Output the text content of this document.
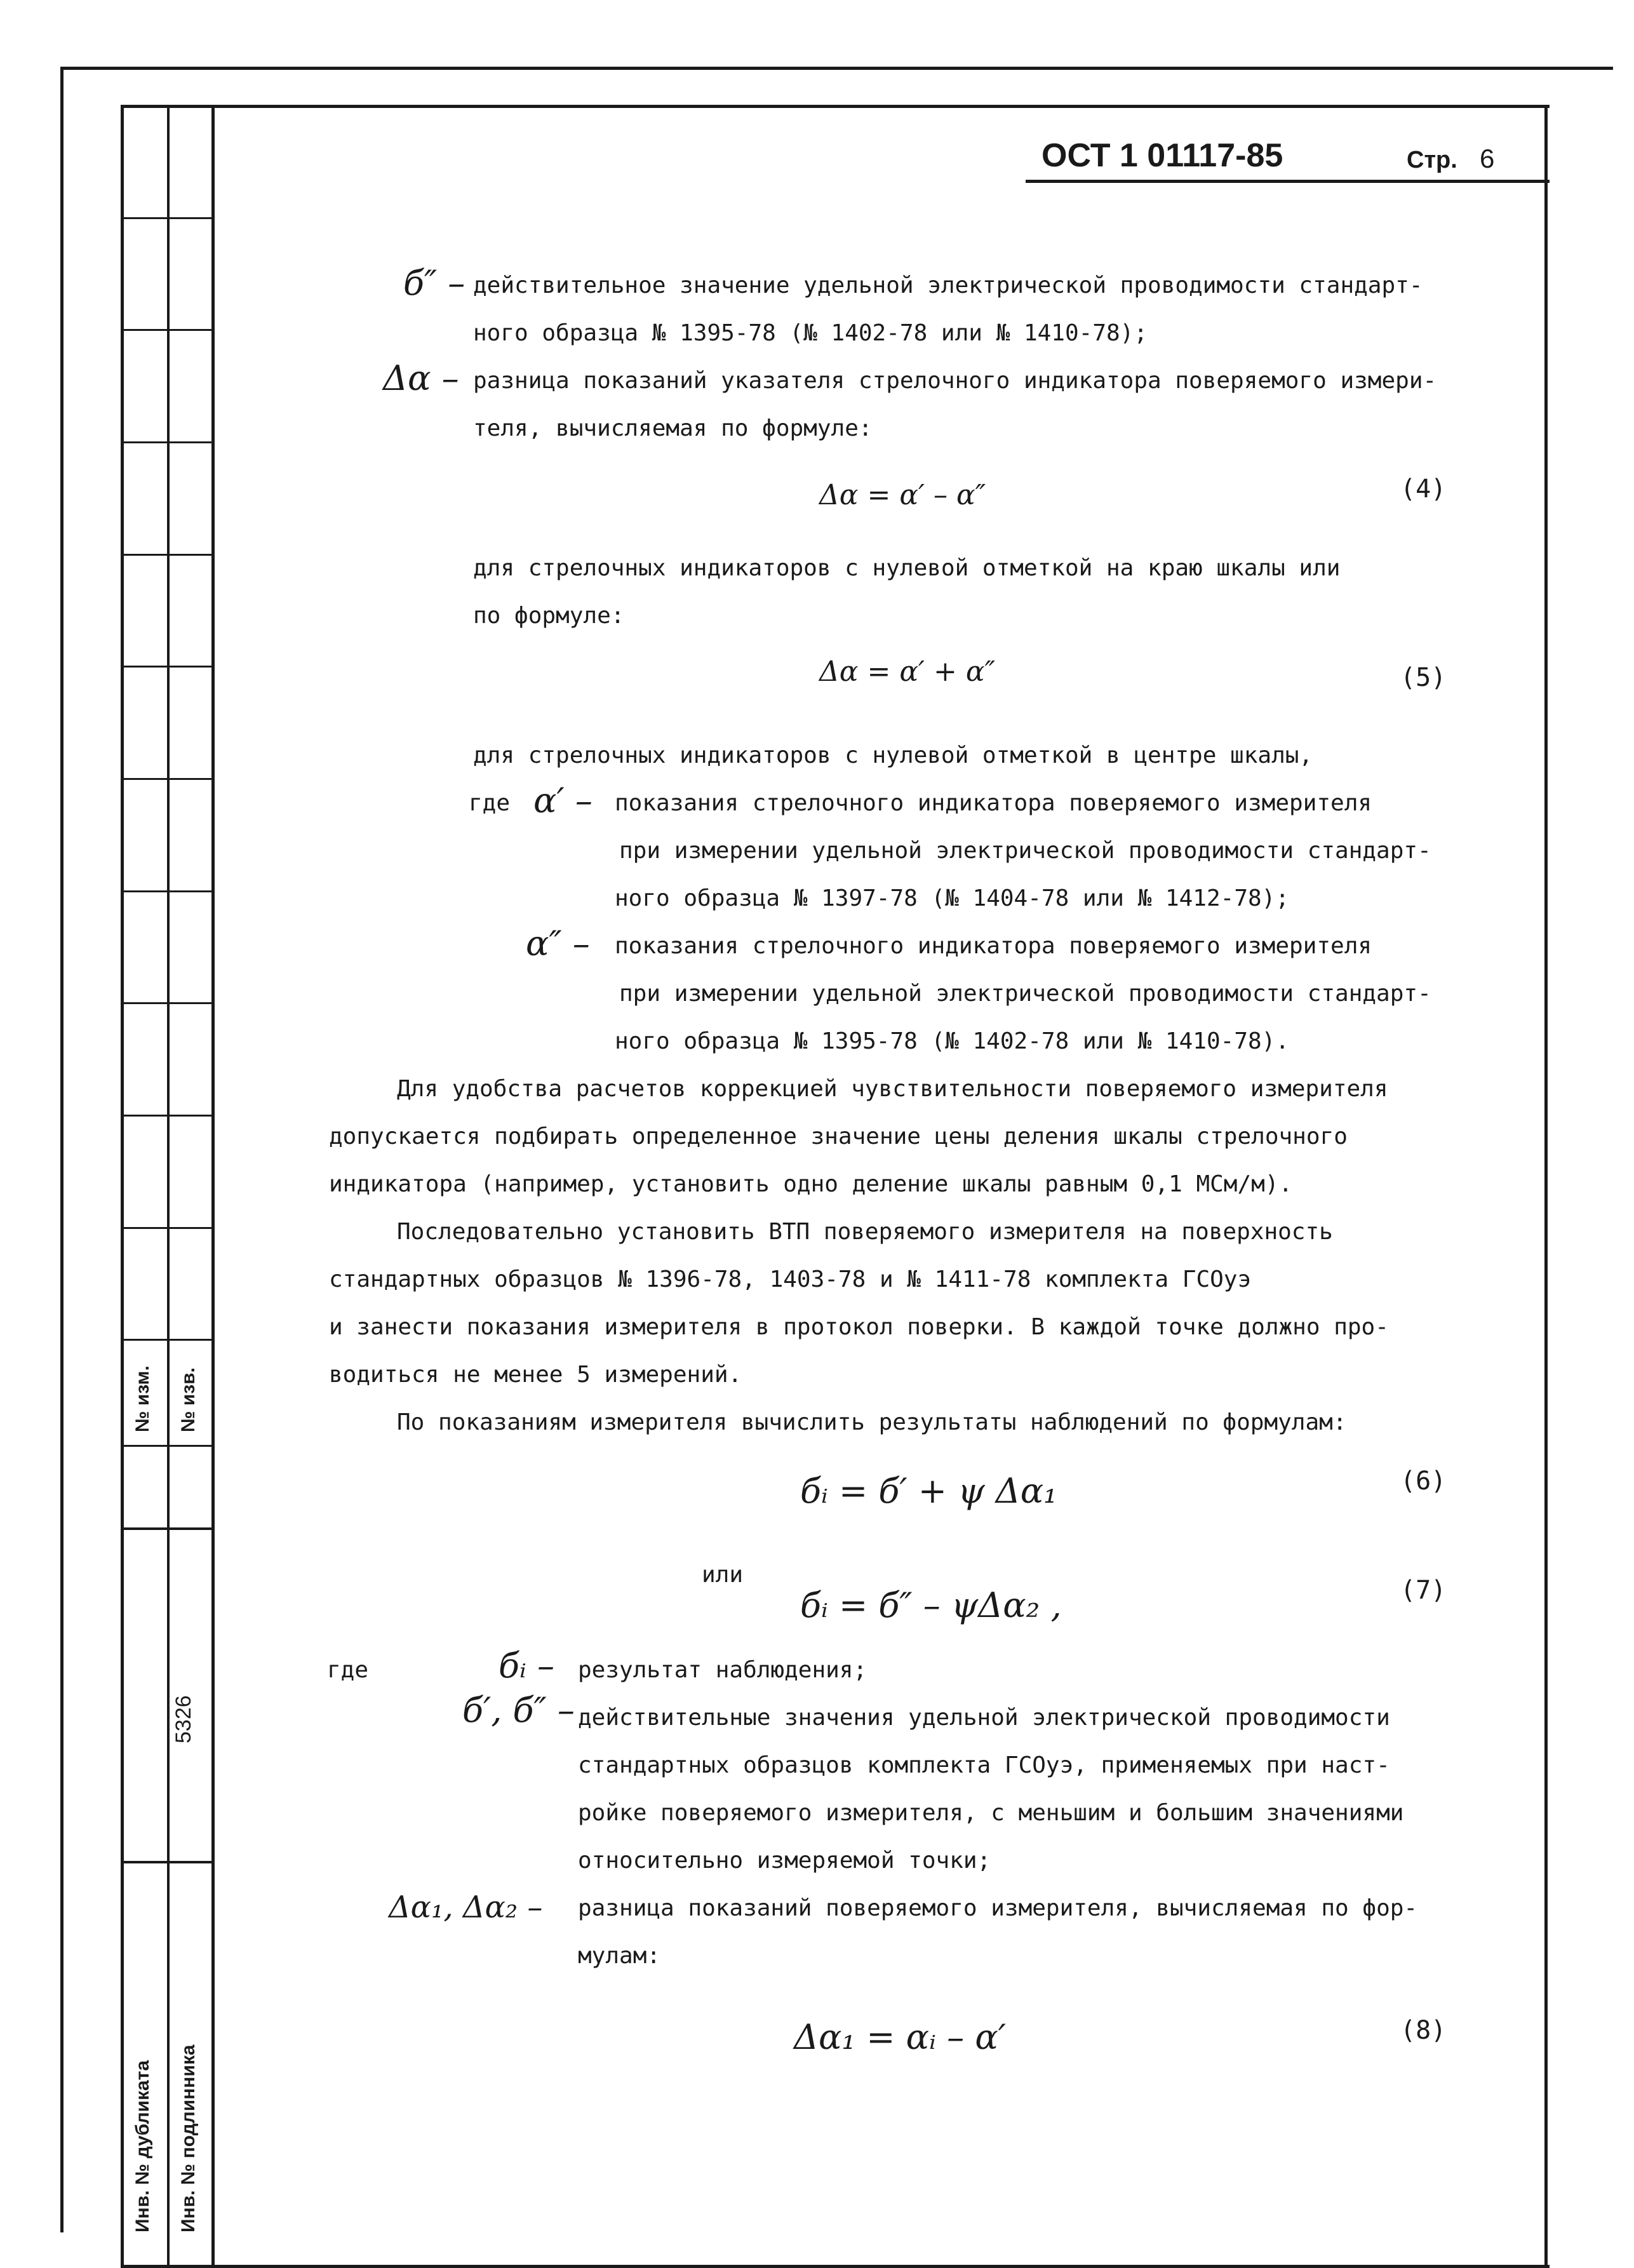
№ изм. № изв.
5326
Инв. № дубликата Инв. № подлинника
ОСТ 1 01117-85	Стр. 6
б″ – действительное значение удельной электрической проводимости стандарт-
ного образца № 1395-78 (№ 1402-78 или № 1410-78);
Δα – разница показаний указателя стрелочного индикатора поверяемого измери-
теля, вычисляемая по формуле:
Δα = α′ – α″	(4)
для стрелочных индикаторов с нулевой отметкой на краю шкалы или
по формуле:
Δα = α′ + α″	(5)
для стрелочных индикаторов с нулевой отметкой в центре шкалы,
где α′ – показания стрелочного индикатора поверяемого измерителя
при измерении удельной электрической проводимости стандарт-
ного образца № 1397-78 (№ 1404-78 или № 1412-78);
α″ – показания стрелочного индикатора поверяемого измерителя
при измерении удельной электрической проводимости стандарт-
ного образца № 1395-78 (№ 1402-78 или № 1410-78).
Для удобства расчетов коррекцией чувствительности поверяемого измерителя
допускается подбирать определенное значение цены деления шкалы стрелочного
индикатора (например, установить одно деление шкалы равным 0,1 МСм/м).
Последовательно установить ВТП поверяемого измерителя на поверхность
стандартных образцов № 1396-78, 1403-78 и № 1411-78 комплекта ГСОуэ
и занести показания измерителя в протокол поверки. В каждой точке должно про-
водиться не менее 5 измерений.
По показаниям измерителя вычислить результаты наблюдений по формулам:
бᵢ = б′ + ψ Δα₁	(6)
или
бᵢ = б″ – ψΔα₂ ,	(7)
где	бᵢ – результат наблюдения;
б′, б″ – действительные значения удельной электрической проводимости
стандартных образцов комплекта ГСОуэ, применяемых при наст-
ройке поверяемого измерителя, с меньшим и большим значениями
относительно измеряемой точки;
Δα₁, Δα₂ – разница показаний поверяемого измерителя, вычисляемая по фор-
мулам:
Δα₁ = αᵢ – α′	(8)
